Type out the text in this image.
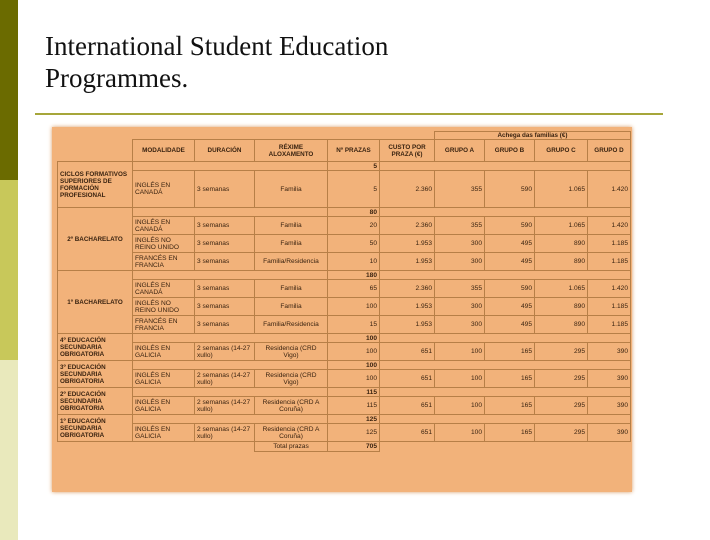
International Student Education
Programmes.
						Achega das familias (€)			
	MODALIDADE	DURACIÓN	RÉXIME ALOXAMENTO	Nº PRAZAS	CUSTO POR PRAZA (€)	GRUPO A	GRUPO B	GRUPO C	GRUPO D
CICLOS FORMATIVOS SUPERIORES DE FORMACIÓN PROFESIONAL				5					
	INGLÉS EN CANADÁ	3 semanas	Familia	5	2.360	355	590	1.065	1.420
2º BACHARELATO				80					
	INGLÉS EN CANADÁ	3 semanas	Familia	20	2.360	355	590	1.065	1.420
	INGLÉS NO REINO UNIDO	3 semanas	Familia	50	1.953	300	495	890	1.185
	FRANCÉS EN FRANCIA	3 semanas	Familia/Residencia	10	1.953	300	495	890	1.185
1º BACHARELATO				180					
	INGLÉS EN CANADÁ	3 semanas	Familia	65	2.360	355	590	1.065	1.420
	INGLÉS NO REINO UNIDO	3 semanas	Familia	100	1.953	300	495	890	1.185
	FRANCÉS EN FRANCIA	3 semanas	Familia/Residencia	15	1.953	300	495	890	1.185
4º EDUCACIÓN SECUNDARIA OBRIGATORIA				100					
	INGLÉS EN GALICIA	2 semanas (14-27 xullo)	Residencia (CRD Vigo)	100	651	100	165	295	390
3º EDUCACIÓN SECUNDARIA OBRIGATORIA				100					
	INGLÉS EN GALICIA	2 semanas (14-27 xullo)	Residencia (CRD Vigo)	100	651	100	165	295	390
2º EDUCACIÓN SECUNDARIA OBRIGATORIA				115					
	INGLÉS EN GALICIA	2 semanas (14-27 xullo)	Residencia (CRD A Coruña)	115	651	100	165	295	390
1º EDUCACIÓN SECUNDARIA OBRIGATORIA				125					
	INGLÉS EN GALICIA	2 semanas (14-27 xullo)	Residencia (CRD A Coruña)	125	651	100	165	295	390
			Total prazas	705					
